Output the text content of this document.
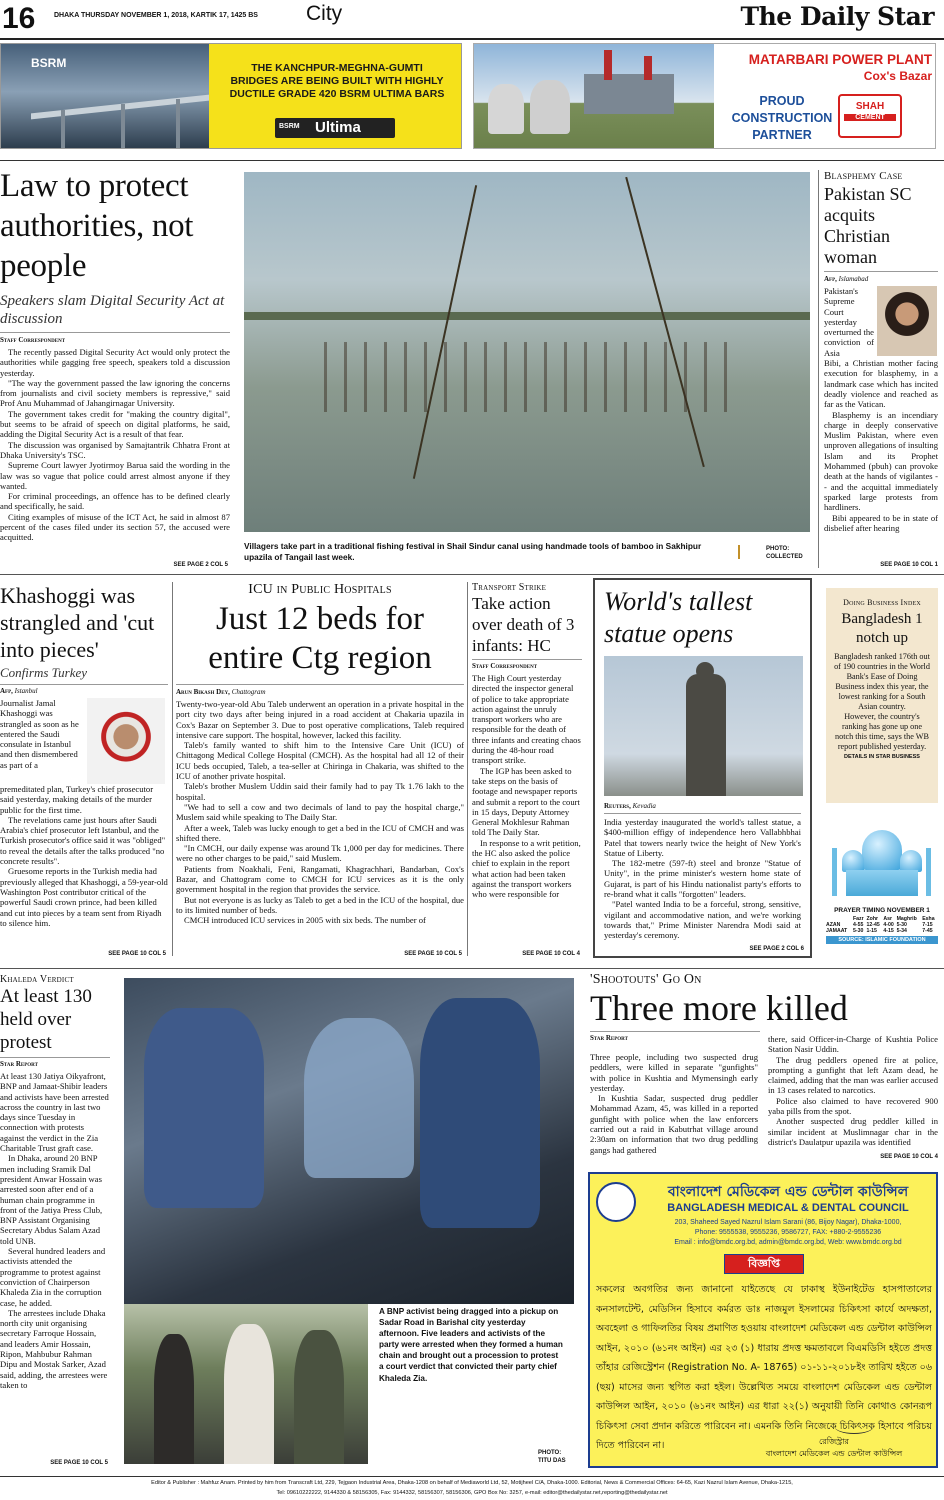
16	DHAKA THURSDAY NOVEMBER 1, 2018, KARTIK 17, 1425 BS City	The Daily Star
BSRM	THE KANCHPUR-MEGHNA-GUMTI BRIDGES ARE BEING BUILT WITH HIGHLY DUCTILE GRADE 420 BSRM ULTIMA BARS
BSRM Ultima
MATARBARI POWER PLANT
Cox's Bazar
PROUD CONSTRUCTION PARTNER
SHAH
CEMENT
Law to protect authorities, not people
Speakers slam Digital Security Act at discussion
Staff Correspondent

The recently passed Digital Security Act would only protect the authorities while gagging free speech, speakers told a discussion yesterday.

"The way the government passed the law ignoring the concerns from journalists and civil society members is repressive," said Prof Anu Muhammad of Jahangirnagar University.

The government takes credit for "making the country digital", but seems to be afraid of speech on digital platforms, he said, adding the Digital Security Act is a result of that fear.

The discussion was organised by Samajtantrik Chhatra Front at Dhaka University's TSC.

Supreme Court lawyer Jyotirmoy Barua said the wording in the law was so vague that police could arrest almost anyone if they wanted.

For criminal proceedings, an offence has to be defined clearly and specifically, he said.

Citing examples of misuse of the ICT Act, he said in almost 87 percent of the cases filed under its section 57, the accused were acquitted.

SEE PAGE 2 COL 5
Villagers take part in a traditional fishing festival in Shail Sindur canal using handmade tools of bamboo in Sakhipur upazila of Tangail last week.
PHOTO:
COLLECTED
Blasphemy Case
Pakistan SC acquits Christian woman
Afp, Islamabad
Pakistan's Supreme Court yesterday overturned the conviction of Asia

Bibi, a Christian mother facing execution for blasphemy, in a landmark case which has incited deadly violence and reached as far as the Vatican.

Blasphemy is an incendiary charge in deeply conservative Muslim Pakistan, where even unproven allegations of insulting Islam and its Prophet Mohammed (pbuh) can provoke death at the hands of vigilantes -- and the acquittal immediately sparked large protests from hardliners.

Bibi appeared to be in state of disbelief after hearing

SEE PAGE 10 COL 1
Khashoggi was strangled and 'cut into pieces'
Confirms Turkey
Afp, Istanbul
Journalist Jamal Khashoggi was strangled as soon as he entered the Saudi consulate in Istanbul and then dismembered as part of a

premeditated plan, Turkey's chief prosecutor said yesterday, making details of the murder public for the first time.

The revelations came just hours after Saudi Arabia's chief prosecutor left Istanbul, and the Turkish prosecutor's office said it was "obliged" to reveal the details after the talks produced "no concrete results".

Gruesome reports in the Turkish media had previously alleged that Khashoggi, a 59-year-old Washington Post contributor critical of the powerful Saudi crown prince, had been killed and cut into pieces by a team sent from Riyadh to silence him.

SEE PAGE 10 COL 5
ICU in Public Hospitals
Just 12 beds for entire Ctg region
Arun Bikash Dey, Chattogram

Twenty-two-year-old Abu Taleb underwent an operation in a private hospital in the port city two days after being injured in a road accident at Chakaria upazila in Cox's Bazar on September 3. Due to post operative complications, Taleb required intensive care support. The hospital, however, lacked this facility.

Taleb's family wanted to shift him to the Intensive Care Unit (ICU) of Chittagong Medical College Hospital (CMCH). As the hospital had all 12 of their ICU beds occupied, Taleb, a tea-seller at Chiringa in Chakaria, was shifted to the ICU of another private hospital.

Taleb's brother Muslem Uddin said their family had to pay Tk 1.76 lakh to the hospital.

"We had to sell a cow and two decimals of land to pay the hospital charge," Muslem said while speaking to The Daily Star.

After a week, Taleb was lucky enough to get a bed in the ICU of CMCH and was shifted there.

"In CMCH, our daily expense was around Tk 1,000 per day for medicines. There were no other charges to be paid," said Muslem.

Patients from Noakhali, Feni, Rangamati, Khagrachhari, Bandarban, Cox's Bazar, and Chattogram come to CMCH for ICU services as it is the only government hospital in the region that provides the service.

But not everyone is as lucky as Taleb to get a bed in the ICU of the hospital, due to its limited number of beds.

CMCH introduced ICU services in 2005 with six beds. The number of

SEE PAGE 10 COL 5
Transport Strike
Take action over death of 3 infants: HC
Staff Correspondent

The High Court yesterday directed the inspector general of police to take appropriate action against the unruly transport workers who are responsible for the death of three infants and creating chaos during the 48-hour road transport strike.

The IGP has been asked to take steps on the basis of footage and newspaper reports and submit a report to the court in 15 days, Deputy Attorney General Mokhlesur Rahman told The Daily Star.

In response to a writ petition, the HC also asked the police chief to explain in the report what action had been taken against the transport workers who were responsible for

SEE PAGE 10 COL 4
World's tallest statue opens
Reuters, Kevadia

India yesterday inaugurated the world's tallest statue, a $400-million effigy of independence hero Vallabhbhai Patel that towers nearly twice the height of New York's Statue of Liberty.

The 182-metre (597-ft) steel and bronze "Statue of Unity", in the prime minister's western home state of Gujarat, is part of his Hindu nationalist party's efforts to re-brand what it calls "forgotten" leaders.

"Patel wanted India to be a forceful, strong, sensitive, vigilant and accommodative nation, and we're working towards that," Prime Minister Narendra Modi said at yesterday's ceremony.

SEE PAGE 2 COL 6
Doing Business Index
Bangladesh 1 notch up

Bangladesh ranked 176th out of 190 countries in the World Bank's Ease of Doing Business index this year, the lowest ranking for a South Asian country.

However, the country's ranking has gone up one notch this time, says the WB report published yesterday.

DETAILS IN STAR BUSINESS
PRAYER TIMING NOVEMBER 1
	Fazr	Zohr	Asr	Maghrib	Esha
AZAN	4-55	12-45	4-00	5-30	7-15
JAMAAT	5-30	1-15	4-15	5-34	7-45
SOURCE: ISLAMIC FOUNDATION
Khaleda Verdict
At least 130 held over protest
Star Report

At least 130 Jatiya Oikyafront, BNP and Jamaat-Shibir leaders and activists have been arrested across the country in last two days since Tuesday in connection with protests against the verdict in the Zia Charitable Trust graft case.

In Dhaka, around 20 BNP men including Sramik Dal president Anwar Hossain was arrested soon after end of a human chain programme in front of the Jatiya Press Club, BNP Assistant Organising Secretary Abdus Salam Azad told UNB.

Several hundred leaders and activists attended the programme to protest against conviction of Chairperson Khaleda Zia in the corruption case, he added.

The arrestees include Dhaka north city unit organising secretary Farroque Hossain, and leaders Amir Hossain, Ripon, Mahbubur Rahman Dipu and Mostak Sarker, Azad said, adding, the arrestees were taken to

SEE PAGE 10 COL 5
A BNP activist being dragged into a pickup on Sadar Road in Barishal city yesterday afternoon. Five leaders and activists of the party were arrested when they formed a human chain and brought out a procession to protest a court verdict that convicted their party chief Khaleda Zia.
PHOTO:
TITU DAS
'Shootouts' Go On
Three more killed
Star Report

Three people, including two suspected drug peddlers, were killed in separate "gunfights" with police in Kushtia and Mymensingh early yesterday.

In Kushtia Sadar, suspected drug peddler Mohammad Azam, 45, was killed in a reported gunfight with police when the law enforcers carried out a raid in Kabutrhat village around 2:30am on information that two drug peddling gangs had gathered

there, said Officer-in-Charge of Kushtia Police Station Nasir Uddin.

The drug peddlers opened fire at police, prompting a gunfight that left Azam dead, he claimed, adding that the man was earlier accused in 13 cases related to narcotics.

Police also claimed to have recovered 900 yaba pills from the spot.

Another suspected drug peddler killed in similar incident at Muslimnagar char in the district's Daulatpur upazila was identified

SEE PAGE 10 COL 4
বাংলাদেশ মেডিকেল এন্ড ডেন্টাল কাউন্সিল
BANGLADESH MEDICAL & DENTAL COUNCIL
203, Shaheed Sayed Nazrul Islam Sarani (86, Bijoy Nagar), Dhaka-1000,
Phone: 9555538, 9555236, 9586727, FAX: +880-2-9555236
Email : info@bmdc.org.bd, admin@bmdc.org.bd, Web: www.bmdc.org.bd
বিজ্ঞপ্তি
সকলের অবগতির জন্য জানানো যাইতেছে যে ঢাকাস্থ ইউনাইটেড হাসপাতালের কনসালটেন্ট, মেডিসিন হিসাবে কর্মরত ডাঃ নাজমুল ইসলামের চিকিৎসা কার্যে অদক্ষতা, অবহেলা ও গাফিলতির বিষয় প্রমাণিত হওয়ায় বাংলাদেশ মেডিকেল এন্ড ডেন্টাল কাউন্সিল আইন, ২০১০ (৬১নং আইন) এর ২৩ (১) ধারায় প্রদত্ত ক্ষমতাবলে বিএমডিসি হইতে প্রদত্ত তাঁহার রেজিস্ট্রেশন (Registration No. A- 18765) ০১-১১-২০১৮ইং তারিখ হইতে ০৬ (ছয়) মাসের জন্য স্থগিত করা হইল। উল্লেখিত সময়ে বাংলাদেশ মেডিকেল এন্ড ডেন্টাল কাউন্সিল আইন, ২০১০ (৬১নং আইন) এর ধারা ২২(১) অনুযায়ী তিনি কোথাও কোনরূপ চিকিৎসা সেবা প্রদান করিতে পারিবেন না। এমনকি তিনি নিজেকে চিকিৎসক হিসাবে পরিচয় দিতে পারিবেন না।	রেজিস্ট্রার
বাংলাদেশ মেডিকেল এন্ড ডেন্টাল কাউন্সিল
Editor & Publisher : Mahfuz Anam. Printed by him from Transcraft Ltd, 229, Tejgaon Industrial Area, Dhaka-1208 on behalf of Mediaworld Ltd, 52, Motijheel C/A, Dhaka-1000. Editorial, News & Commercial Offices: 64-65, Kazi Nazrul Islam Avenue, Dhaka-1215,
Tel: 09610222222, 9144330 & 58156305, Fax: 9144332, 58156307, 58156306, GPO Box No: 3257, e-mail: editor@thedailystar.net,reporting@thedailystar.net
